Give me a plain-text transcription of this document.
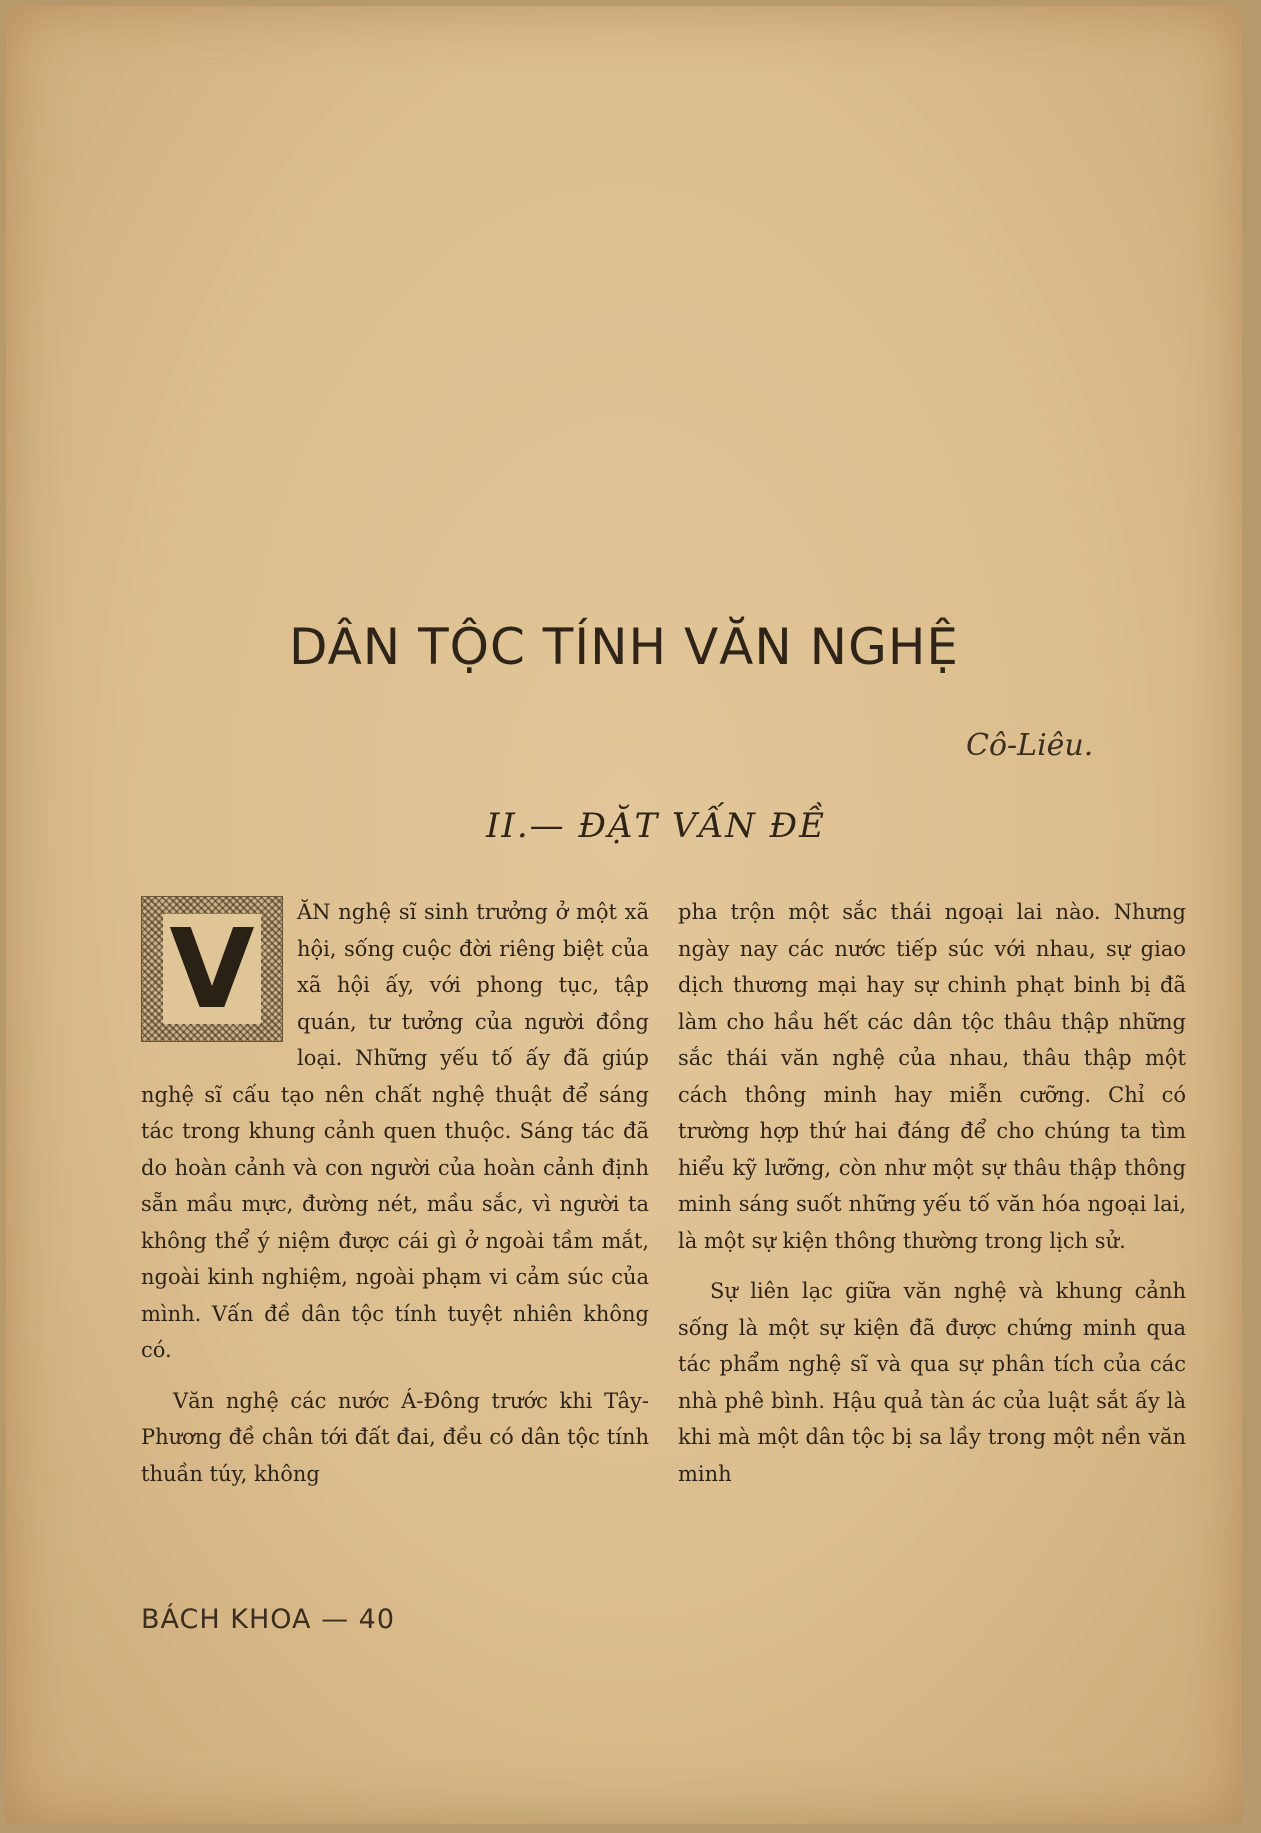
DÂN TỘC TÍNH VĂN NGHỆ
Cô-Liêu.
II.— ĐẶT VẤN ĐỀ

V ĂN nghệ sĩ sinh trưởng ở một xã hội, sống cuộc đời riêng biệt của xã hội ấy, với phong tục, tập quán, tư tưởng của người đồng loại. Những yếu tố ấy đã giúp nghệ sĩ cấu tạo nên chất nghệ thuật để sáng tác trong khung cảnh quen thuộc. Sáng tác đã do hoàn cảnh và con người của hoàn cảnh định sẵn mầu mực, đường nét, mầu sắc, vì người ta không thể ý niệm được cái gì ở ngoài tầm mắt, ngoài kinh nghiệm, ngoài phạm vi cảm súc của mình. Vấn đề dân tộc tính tuyệt nhiên không có.

Văn nghệ các nước Á-Đông trước khi Tây-Phương đề chân tới đất đai, đều có dân tộc tính thuần túy, không

pha trộn một sắc thái ngoại lai nào. Nhưng ngày nay các nước tiếp súc với nhau, sự giao dịch thương mại hay sự chinh phạt binh bị đã làm cho hầu hết các dân tộc thâu thập những sắc thái văn nghệ của nhau, thâu thập một cách thông minh hay miễn cưỡng. Chỉ có trường hợp thứ hai đáng để cho chúng ta tìm hiểu kỹ lưỡng, còn như một sự thâu thập thông minh sáng suốt những yếu tố văn hóa ngoại lai, là một sự kiện thông thường trong lịch sử.

Sự liên lạc giữa văn nghệ và khung cảnh sống là một sự kiện đã được chứng minh qua tác phẩm nghệ sĩ và qua sự phân tích của các nhà phê bình. Hậu quả tàn ác của luật sắt ấy là khi mà một dân tộc bị sa lầy trong một nền văn minh

BÁCH KHOA — 40
